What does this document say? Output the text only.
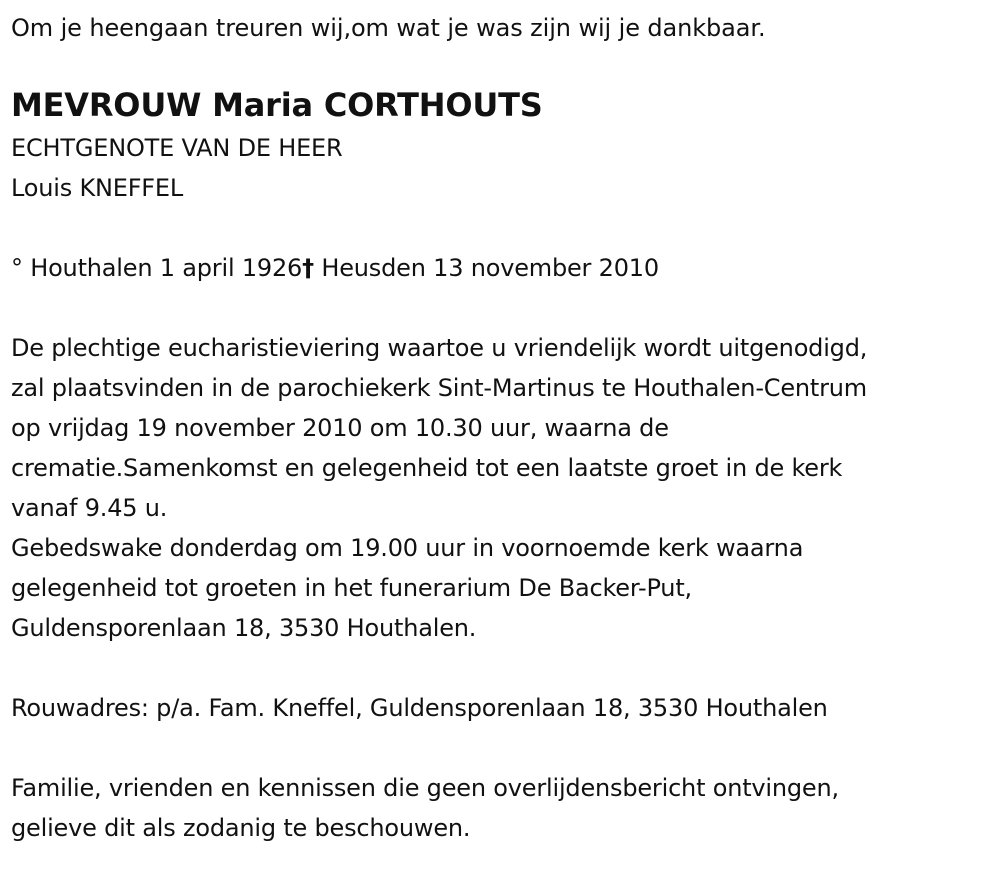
Om je heengaan treuren wij,om wat je was zijn wij je dankbaar.
MEVROUW Maria CORTHOUTS
ECHTGENOTE VAN DE HEER
Louis KNEFFEL
° Houthalen 1 april 1926† Heusden 13 november 2010
De plechtige eucharistieviering waartoe u vriendelijk wordt uitgenodigd,
zal plaatsvinden in de parochiekerk Sint-Martinus te Houthalen-Centrum
op vrijdag 19 november 2010 om 10.30 uur, waarna de
crematie.Samenkomst en gelegenheid tot een laatste groet in de kerk
vanaf 9.45 u.
Gebedswake donderdag om 19.00 uur in voornoemde kerk waarna
gelegenheid tot groeten in het funerarium De Backer-Put,
Guldensporenlaan 18, 3530 Houthalen.
Rouwadres: p/a. Fam. Kneffel, Guldensporenlaan 18, 3530 Houthalen
Familie, vrienden en kennissen die geen overlijdensbericht ontvingen,
gelieve dit als zodanig te beschouwen.
